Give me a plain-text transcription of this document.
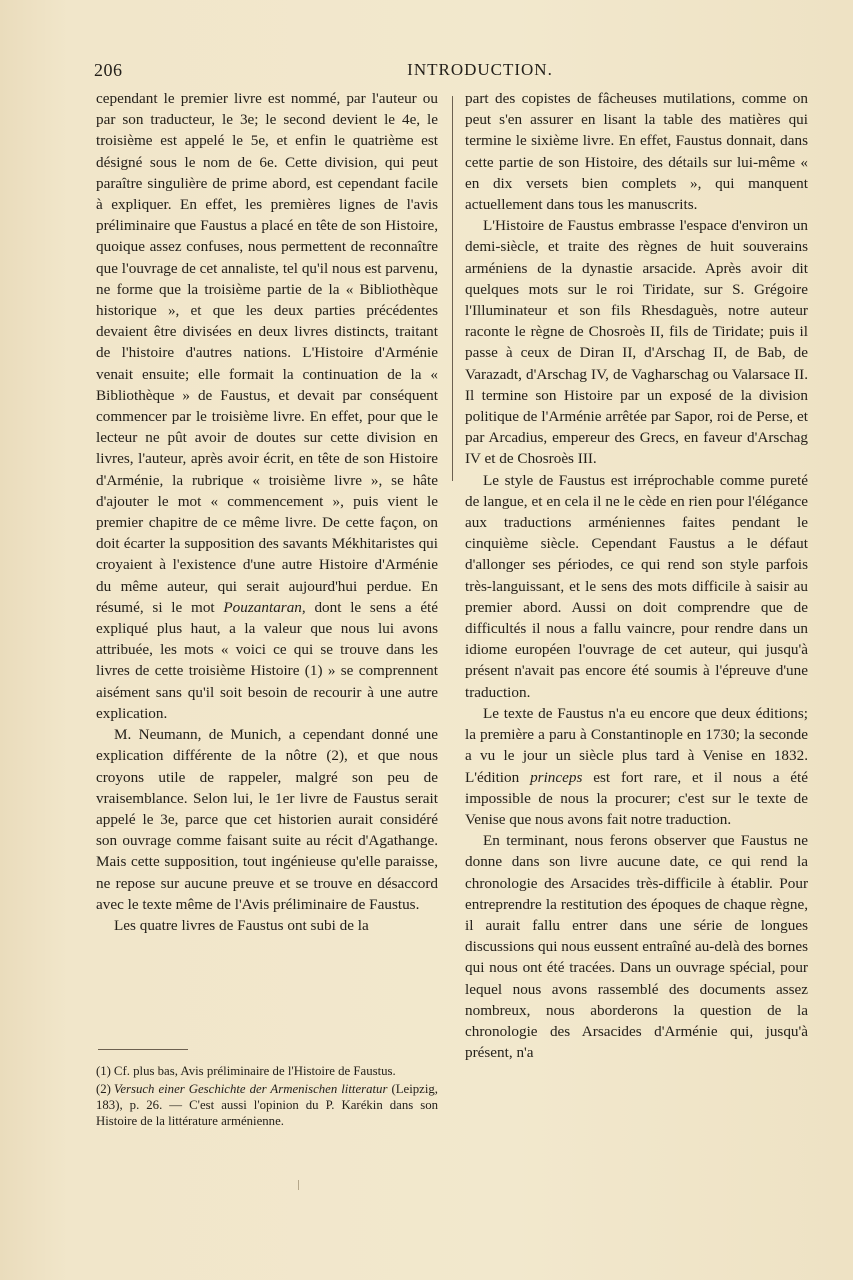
206	INTRODUCTION.

cependant le premier livre est nommé, par l'auteur ou par son traducteur, le 3e; le second devient le 4e, le troisième est appelé le 5e, et enfin le quatrième est désigné sous le nom de 6e. Cette division, qui peut paraître singulière de prime abord, est cependant facile à expliquer. En effet, les premières lignes de l'avis préliminaire que Faustus a placé en tête de son Histoire, quoique assez confuses, nous permettent de reconnaître que l'ouvrage de cet annaliste, tel qu'il nous est parvenu, ne forme que la troisième partie de la « Bibliothèque historique », et que les deux parties précédentes devaient être divisées en deux livres distincts, traitant de l'histoire d'autres nations. L'Histoire d'Arménie venait ensuite; elle formait la continuation de la « Bibliothèque » de Faustus, et devait par conséquent commencer par le troisième livre. En effet, pour que le lecteur ne pût avoir de doutes sur cette division en livres, l'auteur, après avoir écrit, en tête de son Histoire d'Arménie, la rubrique « troisième livre », se hâte d'ajouter le mot « commencement », puis vient le premier chapitre de ce même livre. De cette façon, on doit écarter la supposition des savants Mékhitaristes qui croyaient à l'existence d'une autre Histoire d'Arménie du même auteur, qui serait aujourd'hui perdue. En résumé, si le mot Pouzantaran, dont le sens a été expliqué plus haut, a la valeur que nous lui avons attribuée, les mots « voici ce qui se trouve dans les livres de cette troisième Histoire (1) » se comprennent aisément sans qu'il soit besoin de recourir à une autre explication.

M. Neumann, de Munich, a cependant donné une explication différente de la nôtre (2), et que nous croyons utile de rappeler, malgré son peu de vraisemblance. Selon lui, le 1er livre de Faustus serait appelé le 3e, parce que cet historien aurait considéré son ouvrage comme faisant suite au récit d'Agathange. Mais cette supposition, tout ingénieuse qu'elle paraisse, ne repose sur aucune preuve et se trouve en désaccord avec le texte même de l'Avis préliminaire de Faustus.

Les quatre livres de Faustus ont subi de la

part des copistes de fâcheuses mutilations, comme on peut s'en assurer en lisant la table des matières qui termine le sixième livre. En effet, Faustus donnait, dans cette partie de son Histoire, des détails sur lui-même « en dix versets bien complets », qui manquent actuellement dans tous les manuscrits.

L'Histoire de Faustus embrasse l'espace d'environ un demi-siècle, et traite des règnes de huit souverains arméniens de la dynastie arsacide. Après avoir dit quelques mots sur le roi Tiridate, sur S. Grégoire l'Illuminateur et son fils Rhesdaguès, notre auteur raconte le règne de Chosroès II, fils de Tiridate; puis il passe à ceux de Diran II, d'Arschag II, de Bab, de Varazadt, d'Arschag IV, de Vagharschag ou Valarsace II. Il termine son Histoire par un exposé de la division politique de l'Arménie arrêtée par Sapor, roi de Perse, et par Arcadius, empereur des Grecs, en faveur d'Arschag IV et de Chosroès III.

Le style de Faustus est irréprochable comme pureté de langue, et en cela il ne le cède en rien pour l'élégance aux traductions arméniennes faites pendant le cinquième siècle. Cependant Faustus a le défaut d'allonger ses périodes, ce qui rend son style parfois très-languissant, et le sens des mots difficile à saisir au premier abord. Aussi on doit comprendre que de difficultés il nous a fallu vaincre, pour rendre dans un idiome européen l'ouvrage de cet auteur, qui jusqu'à présent n'avait pas encore été soumis à l'épreuve d'une traduction.

Le texte de Faustus n'a eu encore que deux éditions; la première a paru à Constantinople en 1730; la seconde a vu le jour un siècle plus tard à Venise en 1832. L'édition princeps est fort rare, et il nous a été impossible de nous la procurer; c'est sur le texte de Venise que nous avons fait notre traduction.

En terminant, nous ferons observer que Faustus ne donne dans son livre aucune date, ce qui rend la chronologie des Arsacides très-difficile à établir. Pour entreprendre la restitution des époques de chaque règne, il aurait fallu entrer dans une série de longues discussions qui nous eussent entraîné au-delà des bornes qui nous ont été tracées. Dans un ouvrage spécial, pour lequel nous avons rassemblé des documents assez nombreux, nous aborderons la question de la chronologie des Arsacides d'Arménie qui, jusqu'à présent, n'a

(1) Cf. plus bas, Avis préliminaire de l'Histoire de Faustus.

(2) Versuch einer Geschichte der Armenischen litteratur (Leipzig, 183), p. 26. — C'est aussi l'opinion du P. Karékin dans son Histoire de la littérature arménienne.
